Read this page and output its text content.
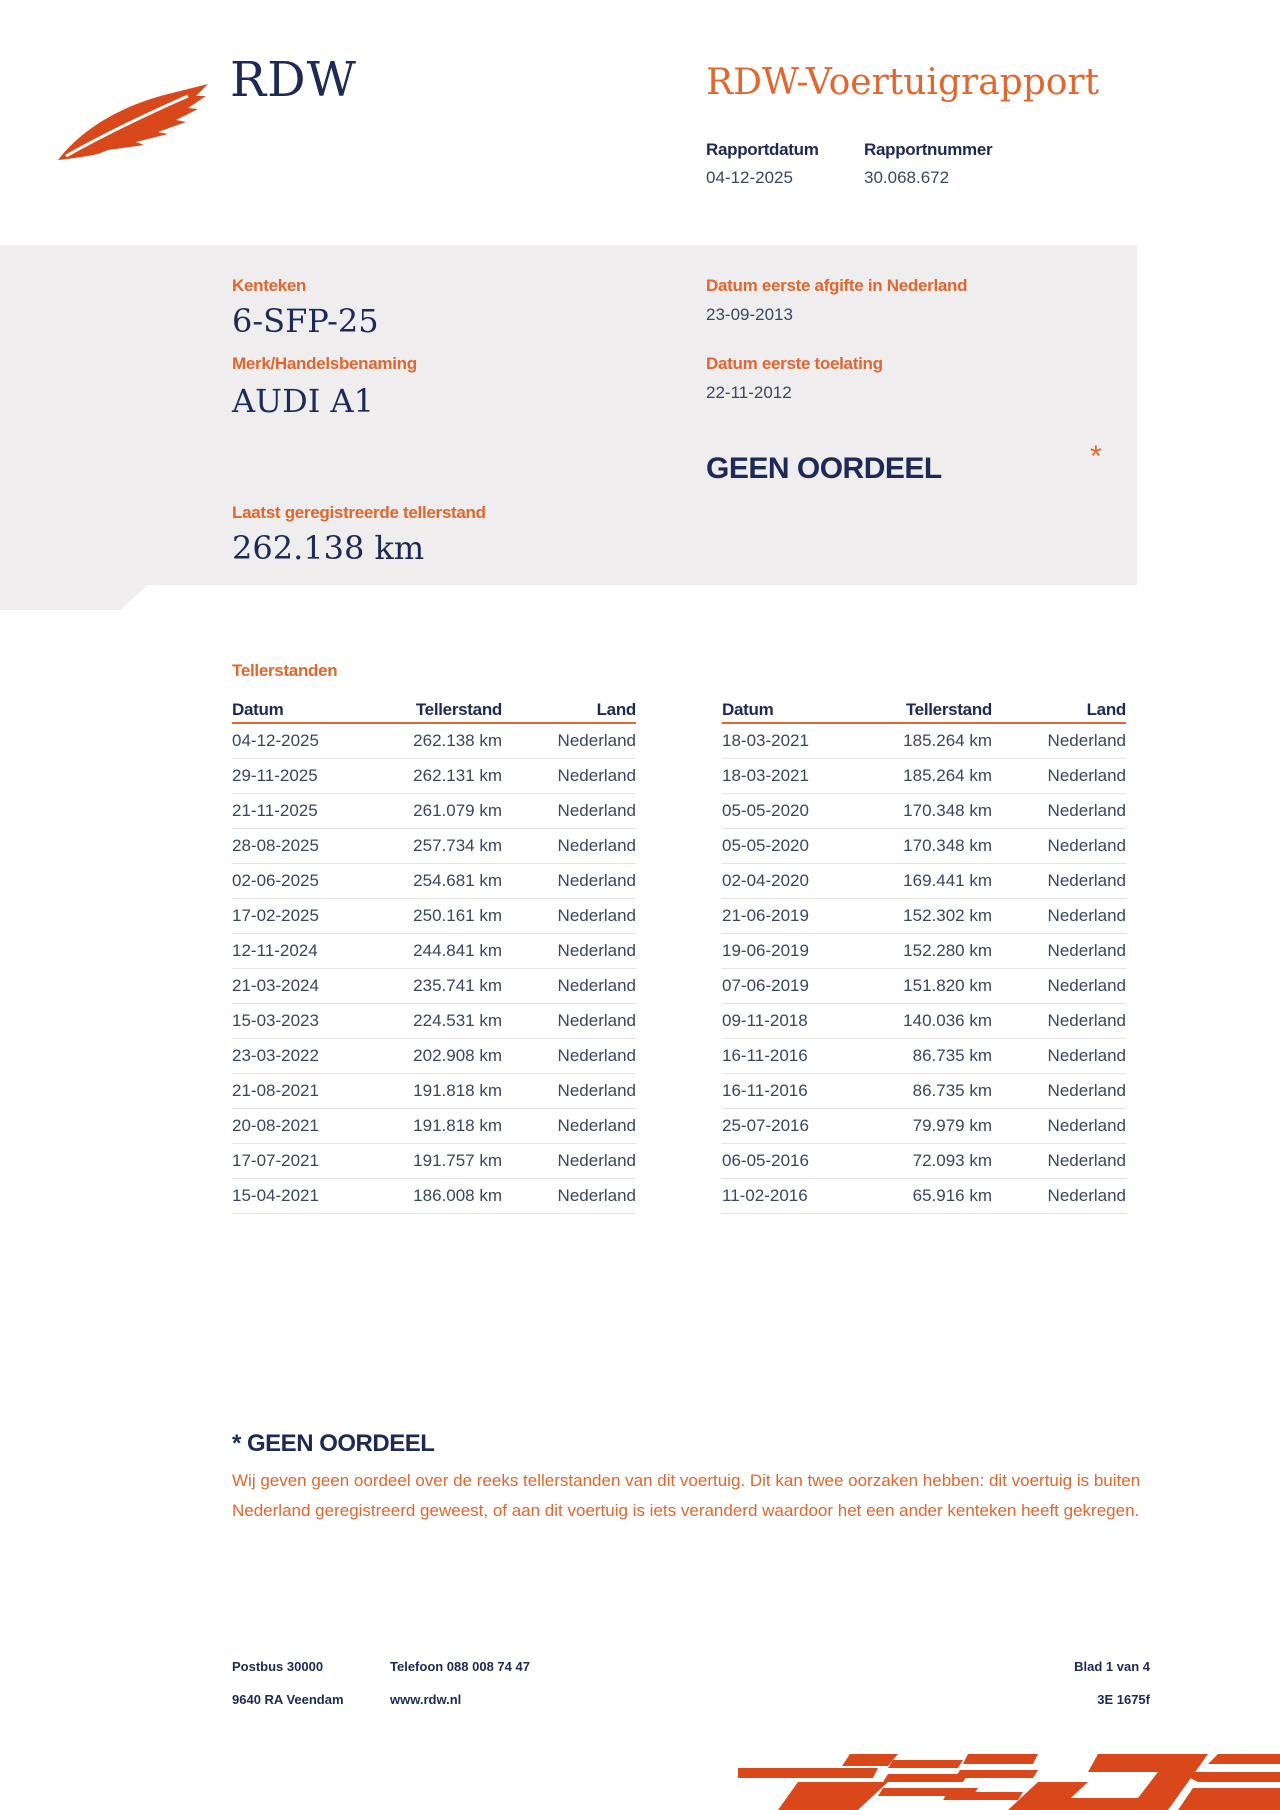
RDW	RDW-Voertuigrapport
Rapportdatum
04-12-2025
Rapportnummer
30.068.672
Kenteken
6-SFP-25
Merk/Handelsbenaming
AUDI A1
Datum eerste afgifte in Nederland
23-09-2013
Datum eerste toelating
22-11-2012
GEEN OORDEEL	*
Laatst geregistreerde tellerstand
262.138 km
Tellerstanden
Datum	Tellerstand	Land
04-12-2025	262.138 km	Nederland
29-11-2025	262.131 km	Nederland
21-11-2025	261.079 km	Nederland
28-08-2025	257.734 km	Nederland
02-06-2025	254.681 km	Nederland
17-02-2025	250.161 km	Nederland
12-11-2024	244.841 km	Nederland
21-03-2024	235.741 km	Nederland
15-03-2023	224.531 km	Nederland
23-03-2022	202.908 km	Nederland
21-08-2021	191.818 km	Nederland
20-08-2021	191.818 km	Nederland
17-07-2021	191.757 km	Nederland
15-04-2021	186.008 km	Nederland
Datum	Tellerstand	Land
18-03-2021	185.264 km	Nederland
18-03-2021	185.264 km	Nederland
05-05-2020	170.348 km	Nederland
05-05-2020	170.348 km	Nederland
02-04-2020	169.441 km	Nederland
21-06-2019	152.302 km	Nederland
19-06-2019	152.280 km	Nederland
07-06-2019	151.820 km	Nederland
09-11-2018	140.036 km	Nederland
16-11-2016	86.735 km	Nederland
16-11-2016	86.735 km	Nederland
25-07-2016	79.979 km	Nederland
06-05-2016	72.093 km	Nederland
11-02-2016	65.916 km	Nederland
* GEEN OORDEEL
Wij geven geen oordeel over de reeks tellerstanden van dit voertuig. Dit kan twee oorzaken hebben: dit voertuig is buiten Nederland geregistreerd geweest, of aan dit voertuig is iets veranderd waardoor het een ander kenteken heeft gekregen.
Postbus 30000
9640 RA Veendam
Telefoon 088 008 74 47
www.rdw.nl
Blad 1 van 4
3E 1675f
